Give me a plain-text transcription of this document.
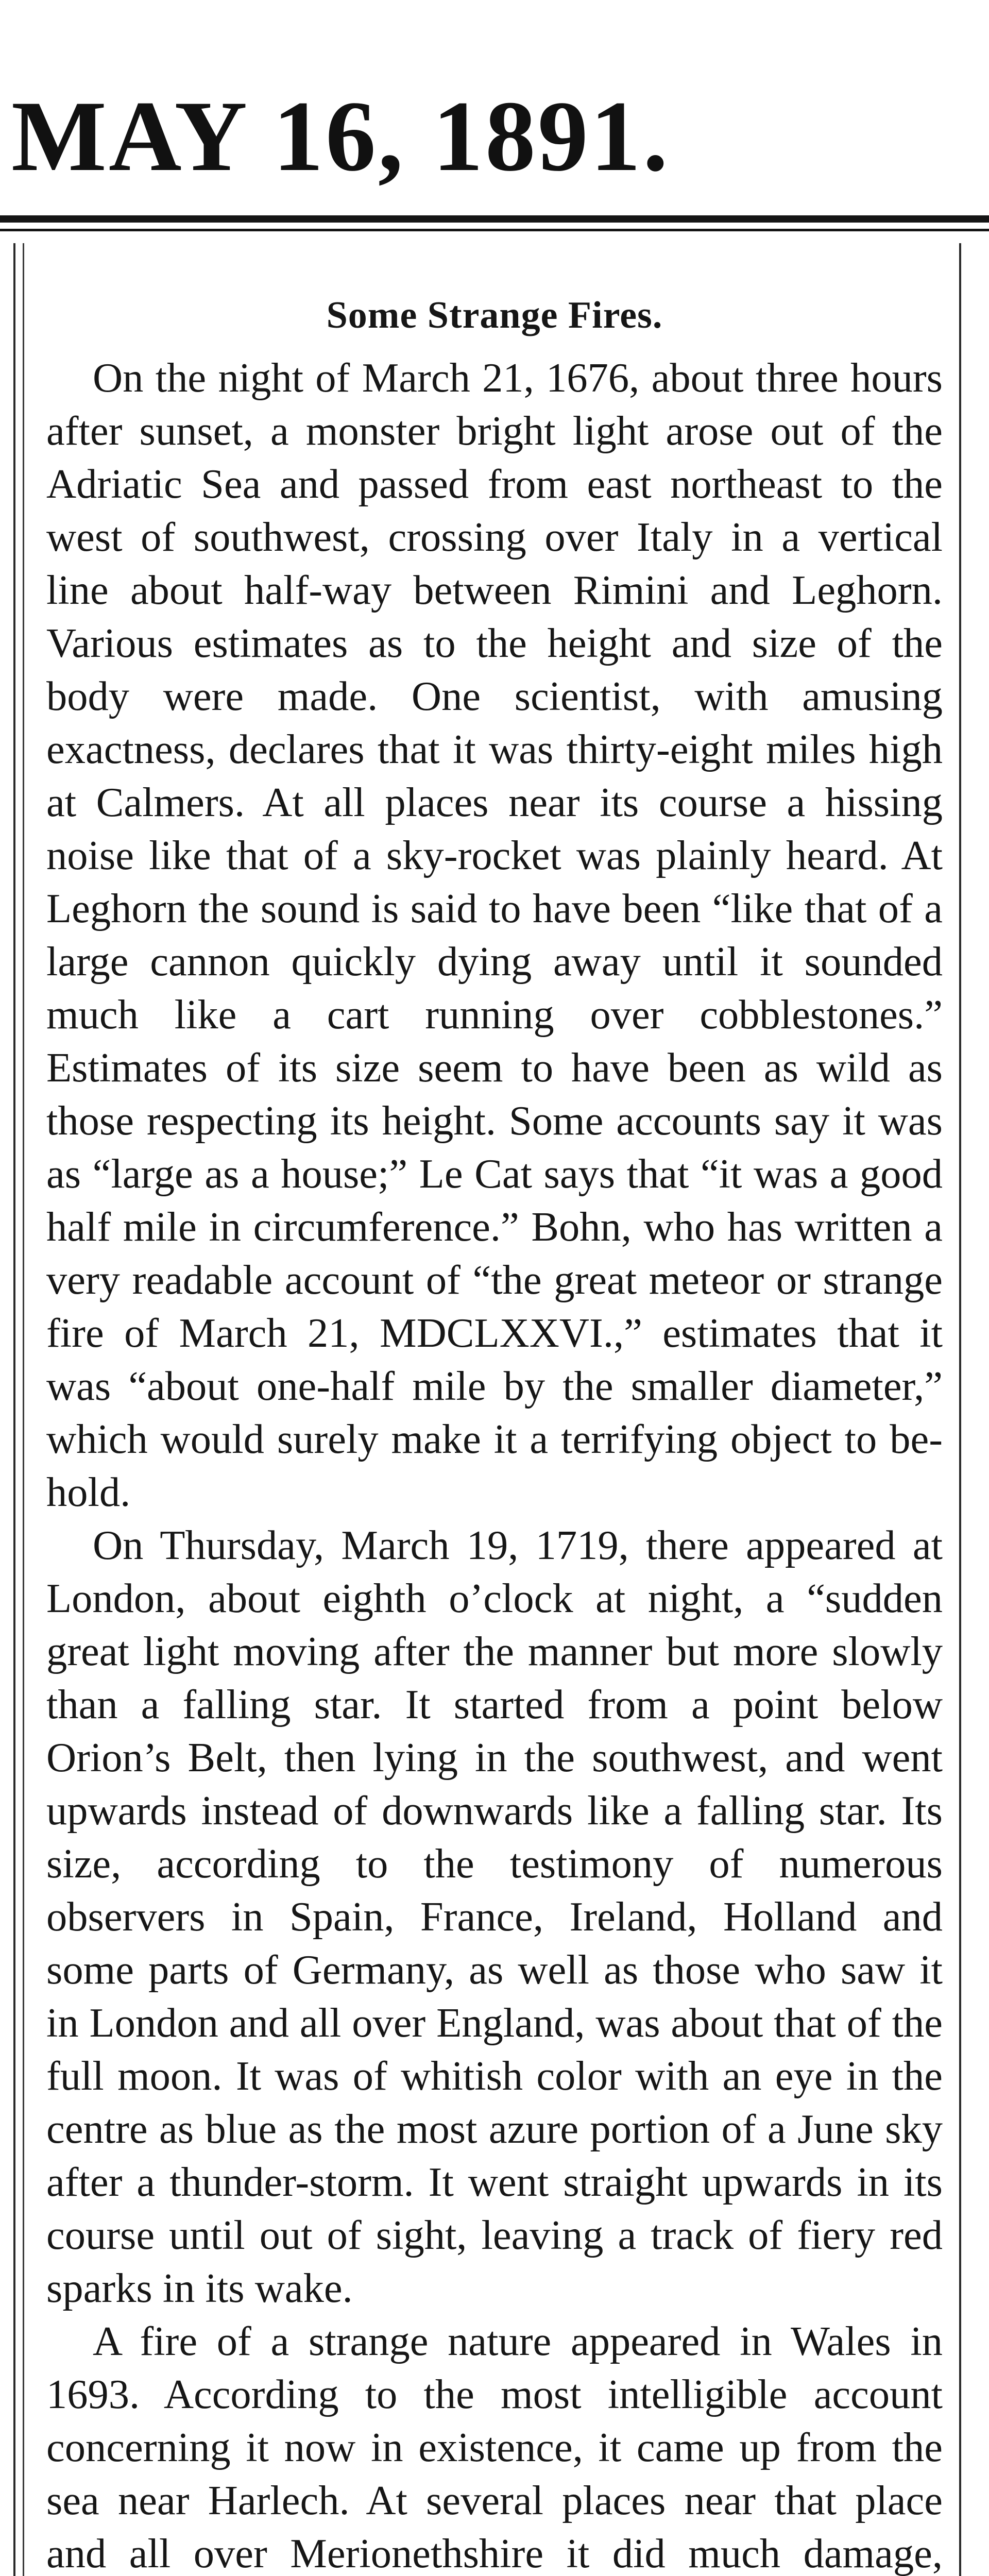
MAY 16, 1891.
Some Strange Fires.

On the night of March 21, 1676, about three hours after sunset, a monster bright light arose out of the Adriatic Sea and passed from east northeast to the west of southwest, crossing over Italy in a vertical line about half-way between Rimini and Leghorn. Various estimates as to the height and size of the body were made. One scientist, with amusing exactness, declares that it was thirty-eight miles high at Calmers. At all places near its course a hissing noise like that of a sky-rocket was plainly heard. At Leghorn the sound is said to have been “like that of a large cannon quickly dying away until it sounded much like a cart running over cobblestones.” Estimates of its size seem to have been as wild as those respecting its height. Some accounts say it was as “large as a house;” Le Cat says that “it was a good half mile in circumference.” Bohn, who has written a very readable account of “the great meteor or strange fire of March 21, MDCLXXVI.,” estimates that it was “about one-half mile by the smaller diameter,” which would surely make it a terrifying object to behold.

On Thursday, March 19, 1719, there appeared at London, about eighth o’clock at night, a “sudden great light moving after the manner but more slowly than a falling star. It started from a point below Orion’s Belt, then lying in the southwest, and went upwards instead of downwards like a falling star. Its size, according to the testimony of numerous observers in Spain, France, Ireland, Holland and some parts of Germany, as well as those who saw it in London and all over England, was about that of the full moon. It was of whitish color with an eye in the centre as blue as the most azure portion of a June sky after a thunder-storm. It went straight upwards in its course until out of sight, leaving a track of fiery red sparks in its wake.

A fire of a strange nature appeared in Wales in 1693. According to the most intelligible account concerning it now in existence, it came up from the sea near Harlech. At several places near that place and all over Merionethshire it did much damage,
